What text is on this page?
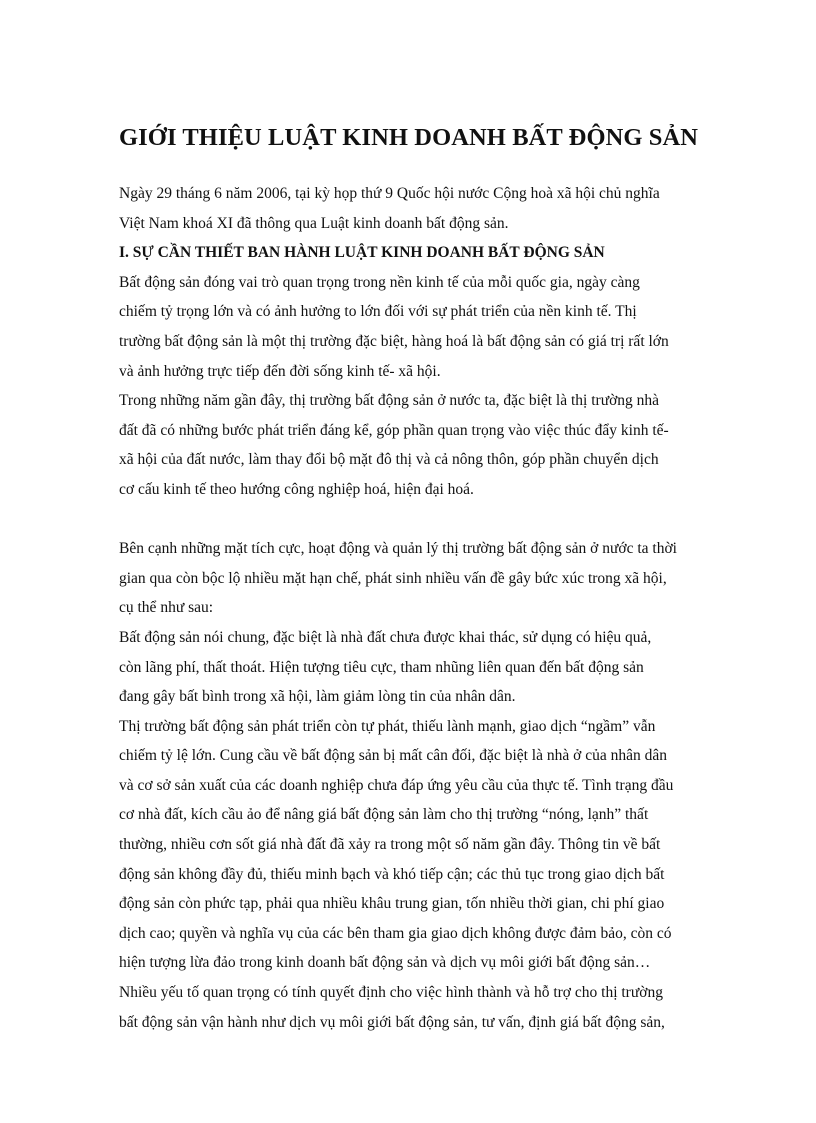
GIỚI THIỆU LUẬT KINH DOANH BẤT ĐỘNG SẢN
Ngày 29 tháng 6 năm 2006, tại kỳ họp thứ 9 Quốc hội nước Cộng hoà xã hội chủ nghĩa
Việt Nam khoá XI đã thông qua Luật kinh doanh bất động sản.
I. SỰ CẦN THIẾT BAN HÀNH LUẬT KINH DOANH BẤT ĐỘNG SẢN
Bất động sản đóng vai trò quan trọng trong nền kinh tế của mỗi quốc gia, ngày càng
chiếm tỷ trọng lớn và có ảnh hưởng to lớn đối với sự phát triển của nền kinh tế. Thị
trường bất động sản là một thị trường đặc biệt, hàng hoá là bất động sản có giá trị rất lớn
và ảnh hưởng trực tiếp đến đời sống kinh tế- xã hội.
Trong những năm gần đây, thị trường bất động sản ở nước ta, đặc biệt là thị trường nhà
đất đã có những bước phát triển đáng kể, góp phần quan trọng vào việc thúc đẩy kinh tế-
xã hội của đất nước, làm thay đổi bộ mặt đô thị và cả nông thôn, góp phần chuyển dịch
cơ cấu kinh tế theo hướng công nghiệp hoá, hiện đại hoá.
Bên cạnh những mặt tích cực, hoạt động và quản lý thị trường bất động sản ở nước ta thời
gian qua còn bộc lộ nhiều mặt hạn chế, phát sinh nhiều vấn đề gây bức xúc trong xã hội,
cụ thể như sau:
Bất động sản nói chung, đặc biệt là nhà đất chưa được khai thác, sử dụng có hiệu quả,
còn lãng phí, thất thoát. Hiện tượng tiêu cực, tham nhũng liên quan đến bất động sản
đang gây bất bình trong xã hội, làm giảm lòng tin của nhân dân.
Thị trường bất động sản phát triển còn tự phát, thiếu lành mạnh, giao dịch “ngầm” vẫn
chiếm tỷ lệ lớn. Cung cầu về bất động sản bị mất cân đối, đặc biệt là nhà ở của nhân dân
và cơ sở sản xuất của các doanh nghiệp chưa đáp ứng yêu cầu của thực tế. Tình trạng đầu
cơ nhà đất, kích cầu ảo để nâng giá bất động sản làm cho thị trường “nóng, lạnh” thất
thường, nhiều cơn sốt giá nhà đất đã xảy ra trong một số năm gần đây. Thông tin về bất
động sản không đầy đủ, thiếu minh bạch và khó tiếp cận; các thủ tục trong giao dịch bất
động sản còn phức tạp, phải qua nhiều khâu trung gian, tốn nhiều thời gian, chi phí giao
dịch cao; quyền và nghĩa vụ của các bên tham gia giao dịch không được đảm bảo, còn có
hiện tượng lừa đảo trong kinh doanh bất động sản và dịch vụ môi giới bất động sản…
Nhiều yếu tố quan trọng có tính quyết định cho việc hình thành và hỗ trợ cho thị trường
bất động sản vận hành như dịch vụ môi giới bất động sản, tư vấn, định giá bất động sản,
